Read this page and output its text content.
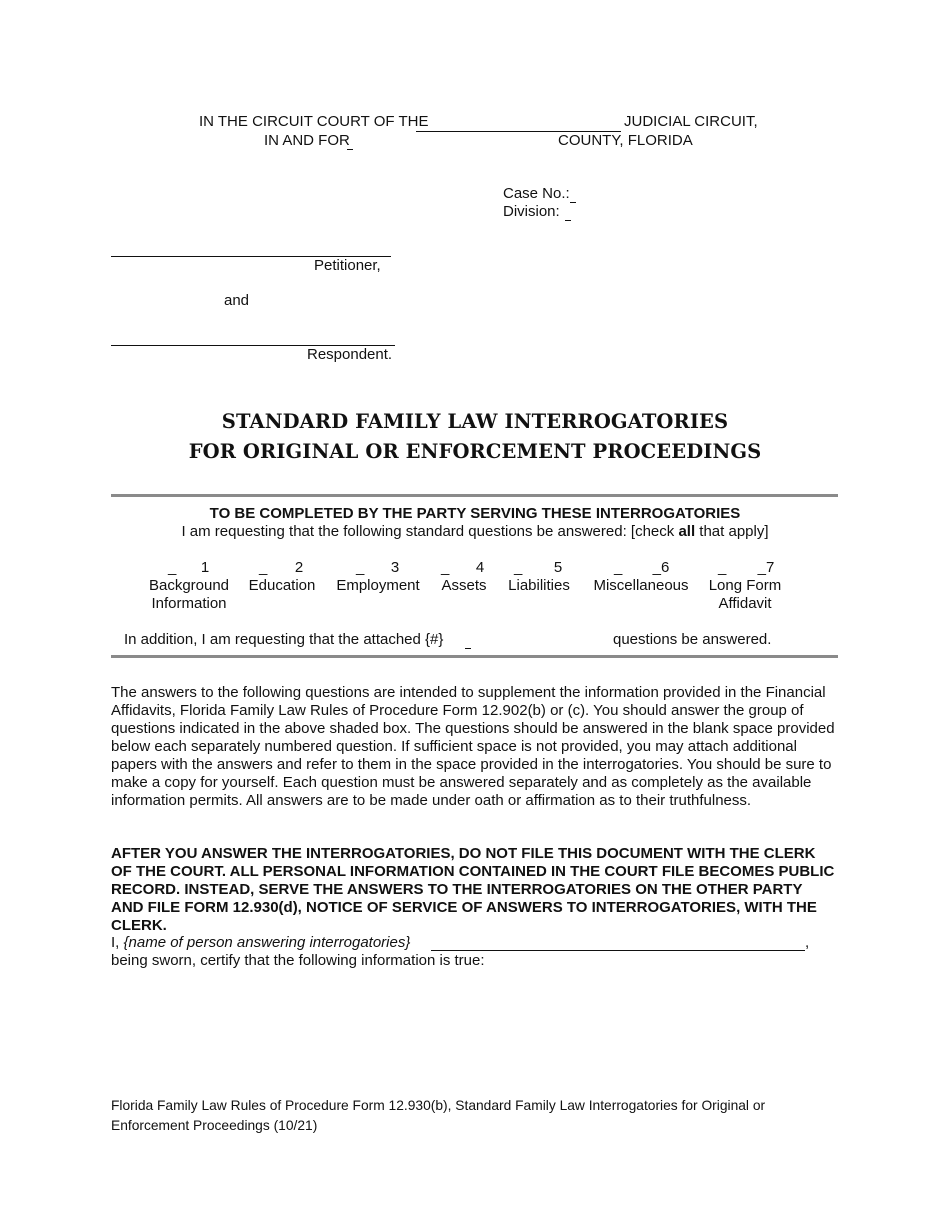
IN THE CIRCUIT COURT OF THE	JUDICIAL CIRCUIT,
IN AND FOR	COUNTY, FLORIDA
Case No.:
Division:
Petitioner,
and
Respondent.
STANDARD FAMILY LAW INTERROGATORIES
FOR ORIGINAL OR ENFORCEMENT PROCEEDINGS
TO BE COMPLETED BY THE PARTY SERVING THESE INTERROGATORIES
I am requesting that the following standard questions be answered: [check all that apply]
_ 1
Background
Information
_ 2
Education
_ 3
Employment
_ 4
Assets
_ 5
Liabilities
_ _6
Miscellaneous
_ _7
Long Form
Affidavit
In addition, I am requesting that the attached {#}	questions be answered.
The answers to the following questions are intended to supplement the information provided in the Financial Affidavits, Florida Family Law Rules of Procedure Form 12.902(b) or (c). You should answer the group of questions indicated in the above shaded box. The questions should be answered in the blank space provided below each separately numbered question. If sufficient space is not provided, you may attach additional papers with the answers and refer to them in the space provided in the interrogatories. You should be sure to make a copy for yourself. Each question must be answered separately and as completely as the available information permits. All answers are to be made under oath or affirmation as to their truthfulness.
AFTER YOU ANSWER THE INTERROGATORIES, DO NOT FILE THIS DOCUMENT WITH THE CLERK OF THE COURT. ALL PERSONAL INFORMATION CONTAINED IN THE COURT FILE BECOMES PUBLIC RECORD. INSTEAD, SERVE THE ANSWERS TO THE INTERROGATORIES ON THE OTHER PARTY AND FILE FORM 12.930(d), NOTICE OF SERVICE OF ANSWERS TO INTERROGATORIES, WITH THE CLERK.
I, {name of person answering interrogatories}	,
being sworn, certify that the following information is true:
Florida Family Law Rules of Procedure Form 12.930(b), Standard Family Law Interrogatories for Original or
Enforcement Proceedings (10/21)
